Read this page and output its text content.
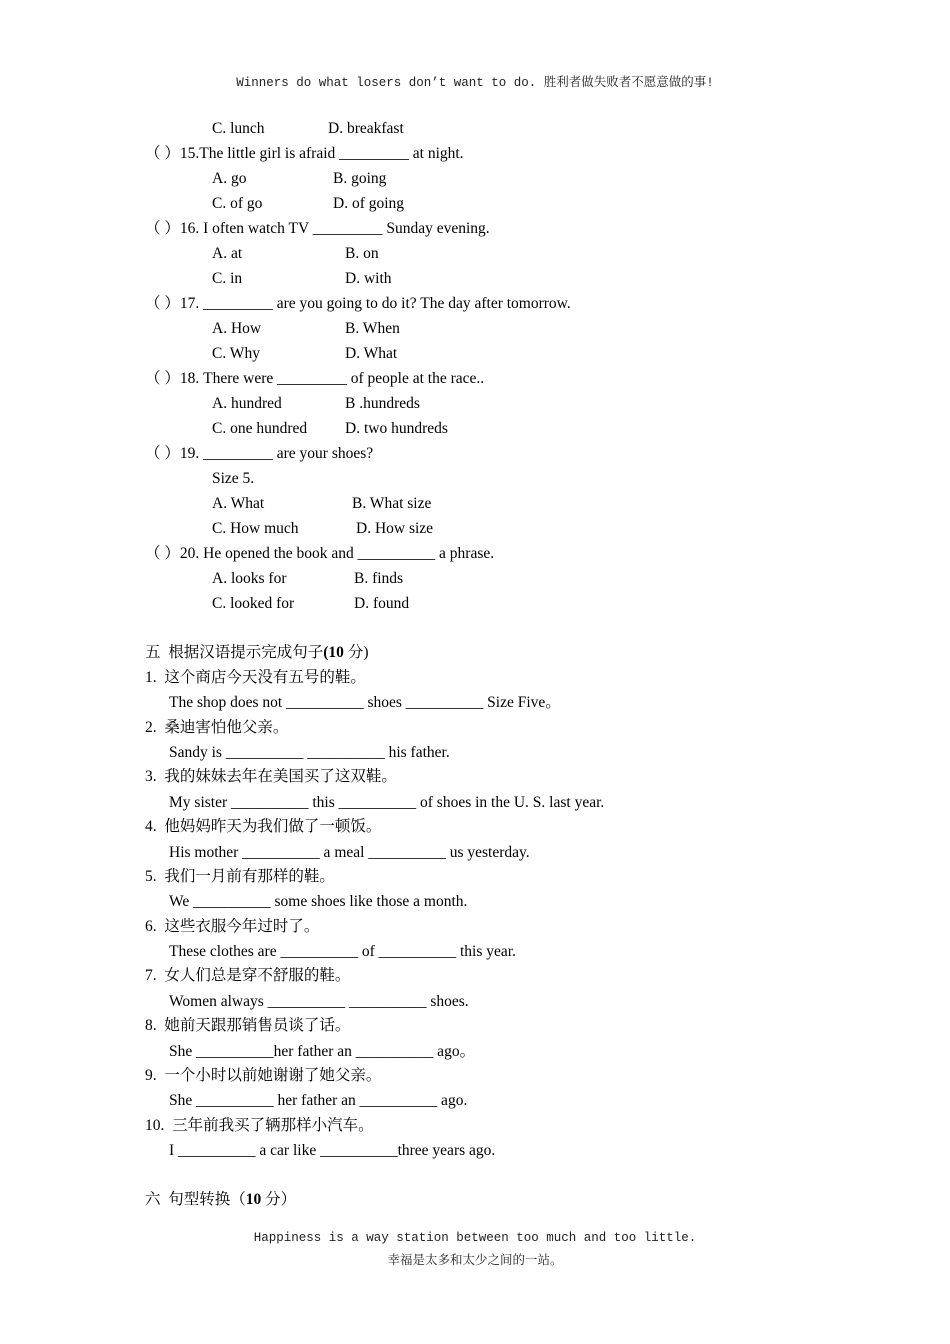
Winners do what losers don’t want to do. 胜利者做失败者不愿意做的事!
C. lunch	D. breakfast
（ ）15.The little girl is afraid _________ at night.
A. go	B. going
C. of go	D. of going
（ ）16. I often watch TV _________ Sunday evening.
A. at	B. on
C. in	D. with
（ ）17. _________ are you going to do it? The day after tomorrow.
A. How	B. When
C. Why	D. What
（ ）18. There were _________ of people at the race..
A. hundred	B .hundreds
C. one hundred D. two hundreds
（ ）19. _________ are your shoes?
Size 5.
A. What	B. What size
C. How much	D. How size
（ ）20. He opened the book and __________ a phrase.
A. looks for	B. finds
C. looked for	D. found
五  根据汉语提示完成句子(10 分)
1.  这个商店今天没有五号的鞋。
The shop does not __________ shoes __________ Size Five。
2.  桑迪害怕他父亲。
Sandy is __________ __________ his father.
3.  我的妹妹去年在美国买了这双鞋。
My sister __________ this __________ of shoes in the U. S. last year.
4.  他妈妈昨天为我们做了一顿饭。
His mother __________ a meal __________ us yesterday.
5.  我们一月前有那样的鞋。
We __________ some shoes like those a month.
6.  这些衣服今年过时了。
These clothes are __________ of __________ this year.
7.  女人们总是穿不舒服的鞋。
Women always __________ __________ shoes.
8.  她前天跟那销售员谈了话。
She __________her father an __________ ago。
9.  一个小时以前她谢谢了她父亲。
She __________ her father an __________ ago.
10.  三年前我买了辆那样小汽车。
I __________ a car like __________three years ago.
六  句型转换（10 分）
Happiness is a way station between too much and too little.
幸福是太多和太少之间的一站。
